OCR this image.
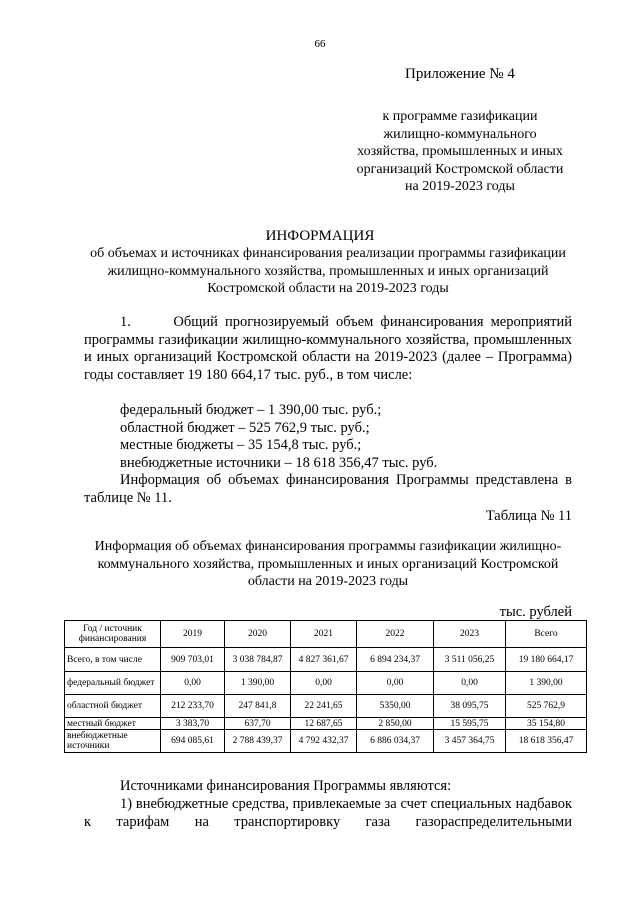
66
Приложение № 4
к программе газификации жилищно-коммунального хозяйства, промышленных и иных организаций Костромской области на 2019-2023 годы
ИНФОРМАЦИЯ
об объемах и источниках финансирования реализации программы газификации жилищно-коммунального хозяйства, промышленных и иных организаций Костромской области на 2019-2023 годы
1.      Общий прогнозируемый объем финансирования мероприятий программы газификации жилищно-коммунального хозяйства, промышленных и иных организаций Костромской области на 2019-2023 (далее – Программа) годы составляет 19 180 664,17 тыс. руб., в том числе:
федеральный бюджет – 1 390,00 тыс. руб.;
областной бюджет – 525 762,9 тыс. руб.;
местные бюджеты – 35 154,8 тыс. руб.;
внебюджетные источники – 18 618 356,47 тыс. руб.
Информация об объемах финансирования Программы представлена в таблице № 11.
Таблица № 11
Информация об объемах финансирования программы газификации жилищно-коммунального хозяйства, промышленных и иных организаций Костромской области на 2019-2023 годы
тыс. рублей
Год / источник финансирования	2019	2020	2021	2022	2023	Всего
Всего, в том числе	909 703,01	3 038 784,87	4 827 361,67	6 894 234,37	3 511 056,25	19 180 664,17
федеральный бюджет	0,00	1 390,00	0,00	0,00	0,00	1 390,00
областной бюджет	212 233,70	247 841,8	22 241,65	5350,00	38 095,75	525 762,9
местный бюджет	3 383,70	637,70	12 687,65	2 850,00	15 595,75	35 154,80
внебюджетные источники	694 085,61	2 788 439,37	4 792 432,37	6 886 034,37	3 457 364,75	18 618 356,47
Источниками финансирования Программы являются:
1) внебюджетные средства, привлекаемые за счет специальных надбавок к тарифам на транспортировку газа газораспределительными
